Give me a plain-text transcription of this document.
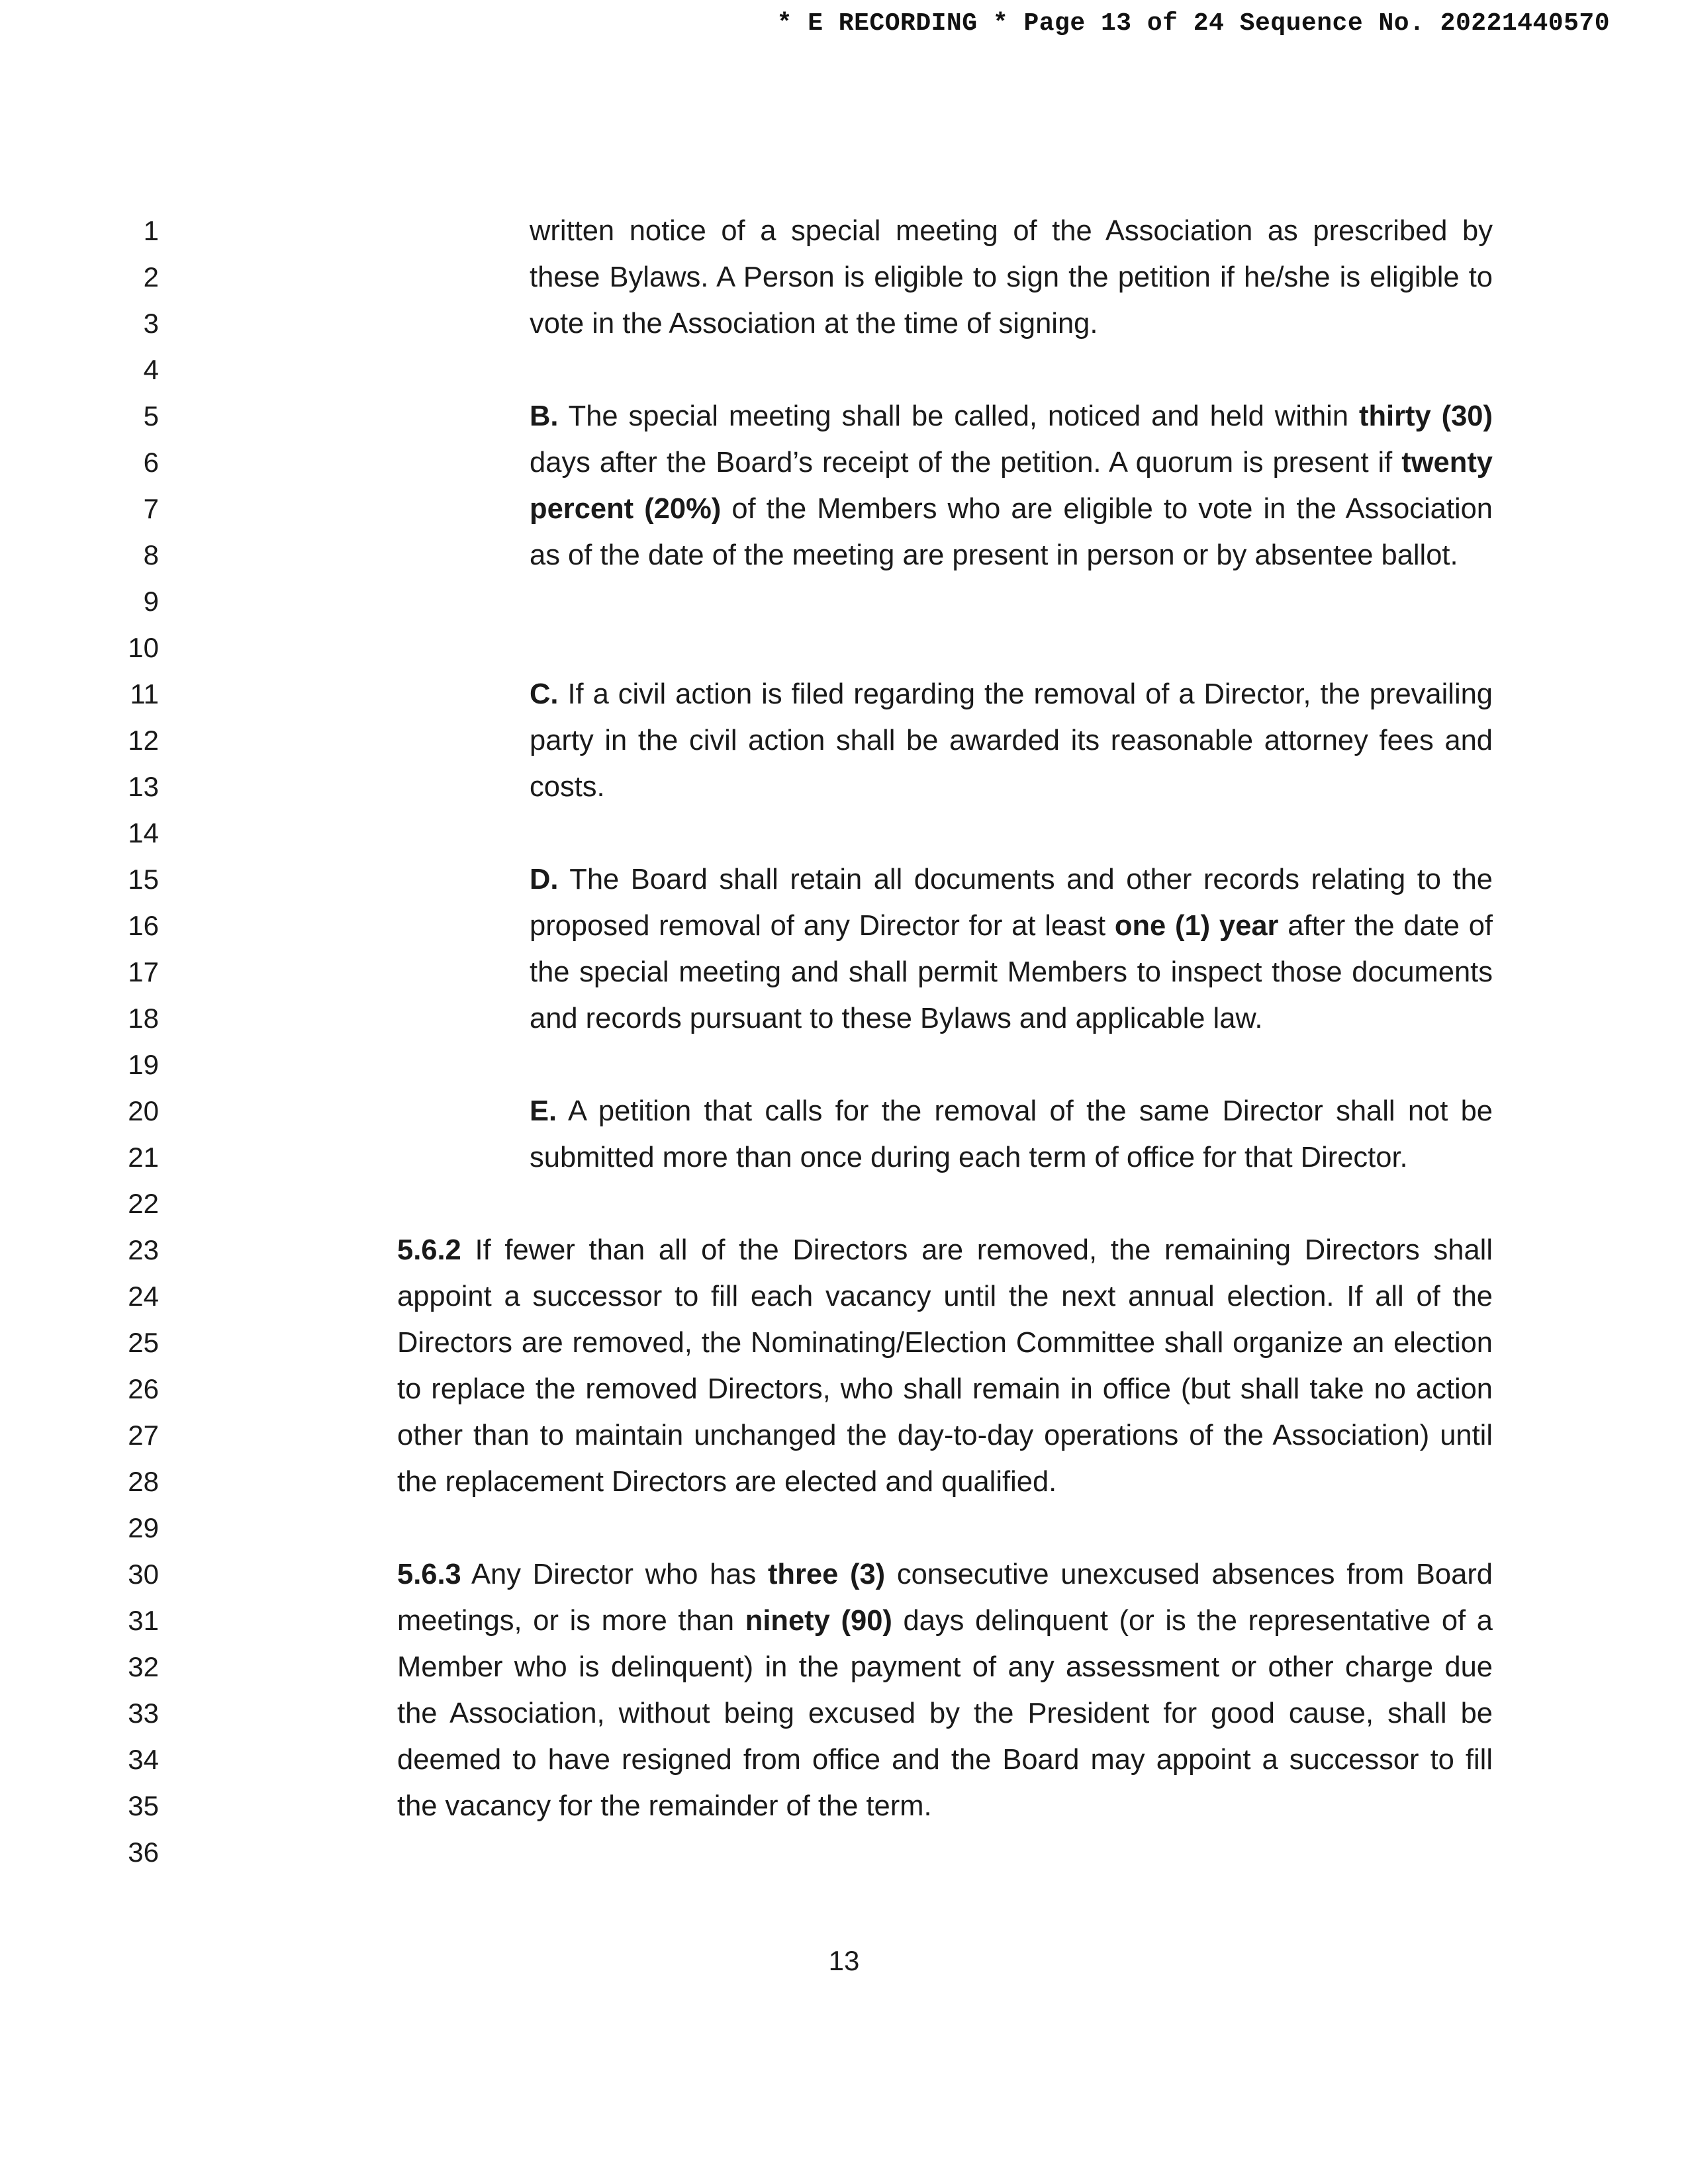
* E RECORDING * Page 13 of 24 Sequence No. 20221440570
1
2
3
4
5
6
7
8
9
10
11
12
13
14
15
16
17
18
19
20
21
22
23
24
25
26
27
28
29
30
31
32
33
34
35
36

written notice of a special meeting of the Association as prescribed by these Bylaws. A Person is eligible to sign the petition if he/she is eligible to vote in the Association at the time of signing.

B. The special meeting shall be called, noticed and held within thirty (30) days after the Board’s receipt of the petition. A quorum is present if twenty percent (20%) of the Members who are eligible to vote in the Association as of the date of the meeting are present in person or by absentee ballot.

C. If a civil action is filed regarding the removal of a Director, the prevailing party in the civil action shall be awarded its reasonable attorney fees and costs.

D. The Board shall retain all documents and other records relating to the proposed removal of any Director for at least one (1) year after the date of the special meeting and shall permit Members to inspect those documents and records pursuant to these Bylaws and applicable law.

E. A petition that calls for the removal of the same Director shall not be submitted more than once during each term of office for that Director.

5.6.2 If fewer than all of the Directors are removed, the remaining Directors shall appoint a successor to fill each vacancy until the next annual election. If all of the Directors are removed, the Nominating/Election Committee shall organize an election to replace the removed Directors, who shall remain in office (but shall take no action other than to maintain unchanged the day-to-day operations of the Association) until the replacement Directors are elected and qualified.

5.6.3 Any Director who has three (3) consecutive unexcused absences from Board meetings, or is more than ninety (90) days delinquent (or is the representative of a Member who is delinquent) in the payment of any assessment or other charge due the Association, without being excused by the President for good cause, shall be deemed to have resigned from office and the Board may appoint a successor to fill the vacancy for the remainder of the term.

13
